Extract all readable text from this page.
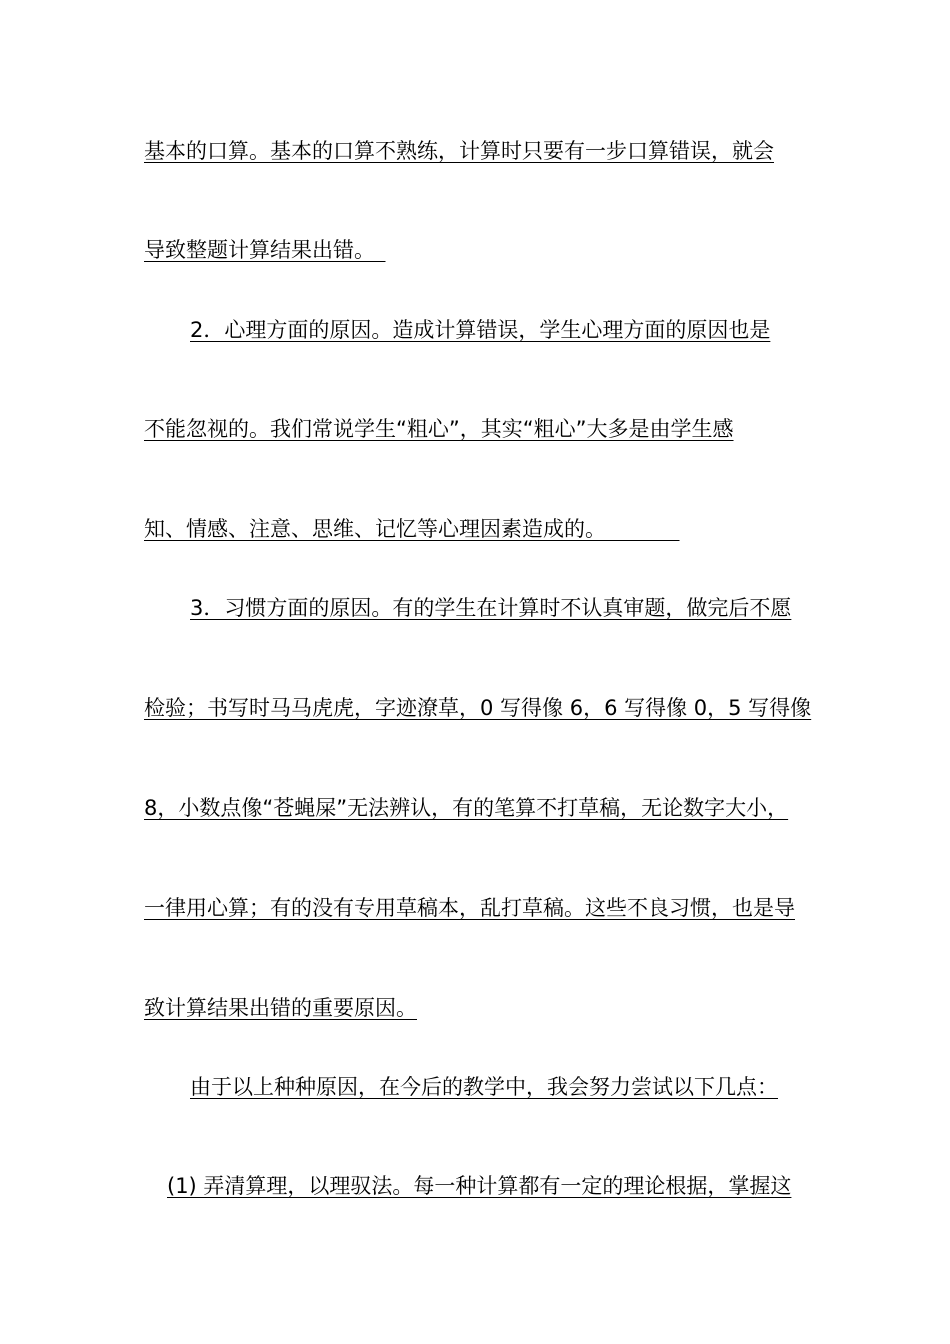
基本的口算。基本的口算不熟练，计算时只要有一步口算错误，就会
导致整题计算结果出错。　
2．心理方面的原因。造成计算错误，学生心理方面的原因也是
不能忽视的。我们常说学生“粗心”，其实“粗心”大多是由学生感
知、情感、注意、思维、记忆等心理因素造成的。　　　　
3．习惯方面的原因。有的学生在计算时不认真审题，做完后不愿
检验；书写时马马虎虎，字迹潦草，0 写得像 6，6 写得像 0，5 写得像
8，小数点像“苍蝇屎”无法辨认，有的笔算不打草稿，无论数字大小，
一律用心算；有的没有专用草稿本，乱打草稿。这些不良习惯，也是导
致计算结果出错的重要原因。
由于以上种种原因，在今后的教学中，我会努力尝试以下几点：
(1) 弄清算理，以理驭法。每一种计算都有一定的理论根据，掌握这
